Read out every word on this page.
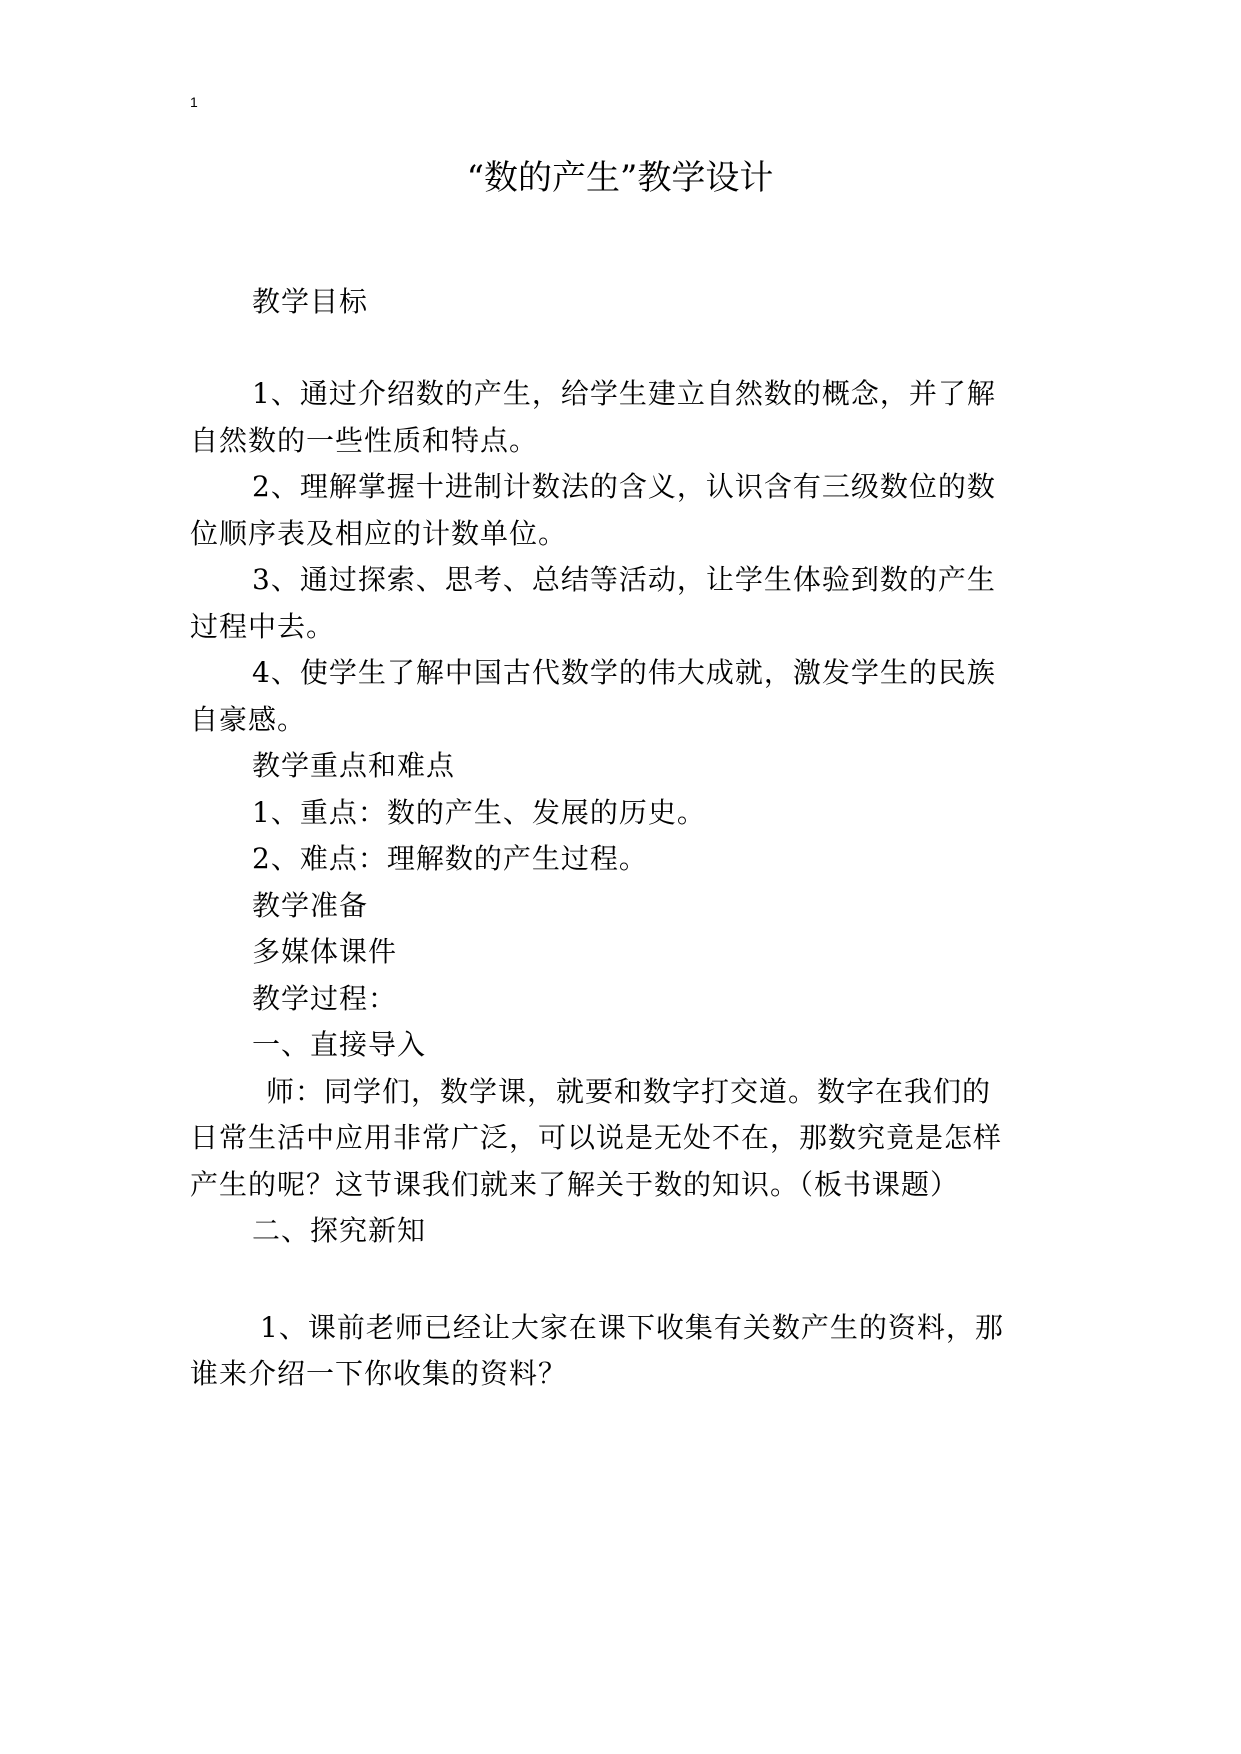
1
“数的产生”教学设计
教学目标
1、通过介绍数的产生，给学生建立自然数的概念，并了解
自然数的一些性质和特点。
2、理解掌握十进制计数法的含义，认识含有三级数位的数
位顺序表及相应的计数单位。
3、通过探索、思考、总结等活动，让学生体验到数的产生
过程中去。
4、使学生了解中国古代数学的伟大成就，激发学生的民族
自豪感。
教学重点和难点
1、重点：数的产生、发展的历史。
2、难点：理解数的产生过程。
教学准备
多媒体课件
教学过程：
一、直接导入
师：同学们，数学课，就要和数字打交道。数字在我们的
日常生活中应用非常广泛，可以说是无处不在，那数究竟是怎样
产生的呢？这节课我们就来了解关于数的知识。（板书课题）
二、探究新知
1、课前老师已经让大家在课下收集有关数产生的资料，那
谁来介绍一下你收集的资料？
